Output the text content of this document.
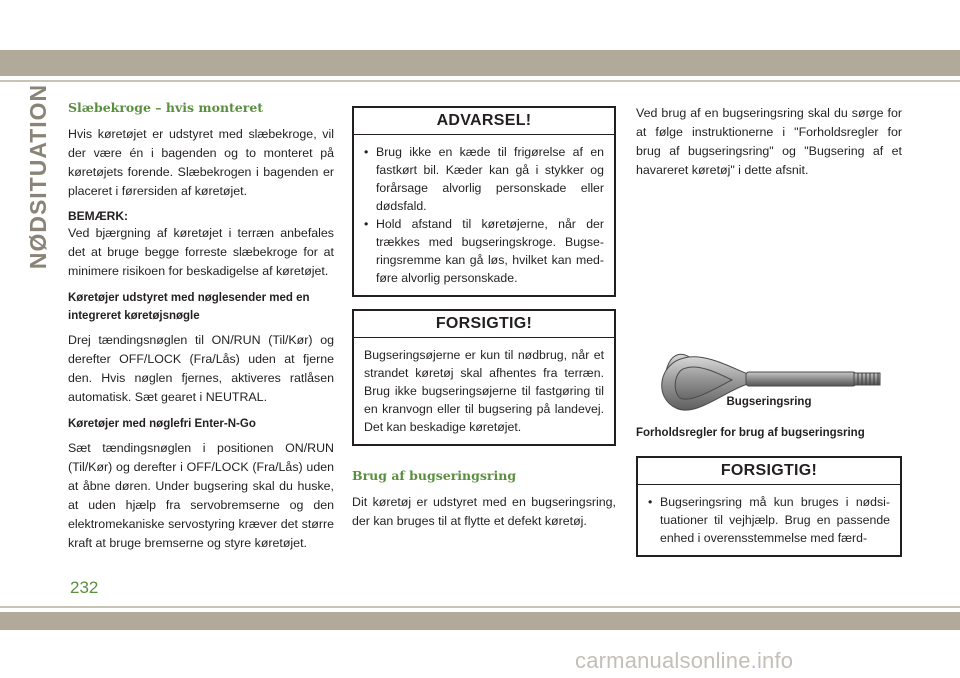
NØDSITUATION Slæbekroge – hvis monteret

Hvis køretøjet er udstyret med slæbekroge, vil der være én i bagenden og to monteret på køretøjets forende. Slæbekrogen i bagenden er placeret i førersiden af køretøjet.

BEMÆRK:

Ved bjærgning af køretøjet i terræn anbefales det at bruge begge forreste slæbekroge for at minimere risikoen for beskadigelse af køretøjet.

Køretøjer udstyret med nøglesender med en integreret køretøjsnøgle

Drej tændingsnøglen til ON/RUN (Til/Kør) og derefter OFF/LOCK (Fra/Lås) uden at fjerne den. Hvis nøglen fjernes, aktiveres ratlåsen automatisk. Sæt gearet i NEUTRAL.

Køretøjer med nøglefri Enter-N-Go

Sæt tændingsnøglen i positionen ON/RUN (Til/Kør) og derefter i OFF/LOCK (Fra/Lås) uden at åbne døren. Under bugsering skal du huske, at uden hjælp fra servobremserne og den elektromekaniske servostyring kræver det større kraft at bruge bremserne og styre køretøjet.

ADVARSEL!
• Brug ikke en kæde til frigørelse af en fastkørt bil. Kæder kan gå i stykker og forårsage alvorlig personskade eller dødsfald.
• Hold afstand til køretøjerne, når der trækkes med bugseringskroge. Bugseringsremme kan gå løs, hvilket kan medføre alvorlig personskade.
FORSIGTIG!

Bugseringsøjerne er kun til nødbrug, når et strandet køretøj skal afhentes fra terræn. Brug ikke bugseringsøjerne til fastgøring til en kranvogn eller til bugsering på landevej. Det kan beskadige køretøjet.

Brug af bugseringsring

Dit køretøj er udstyret med en bugseringsring, der kan bruges til at flytte et defekt køretøj.

Ved brug af en bugseringsring skal du sørge for at følge instruktionerne i "Forholdsregler for brug af bugseringsring" og "Bugsering af et havareret køretøj" i dette afsnit.

Bugseringsring
Forholdsregler for brug af bugseringsring
FORSIGTIG!
• Bugseringsring må kun bruges i nødsituationer til vejhjælp. Brug en passende enhed i overensstemmelse med færd-
232
carmanualsonline.info
